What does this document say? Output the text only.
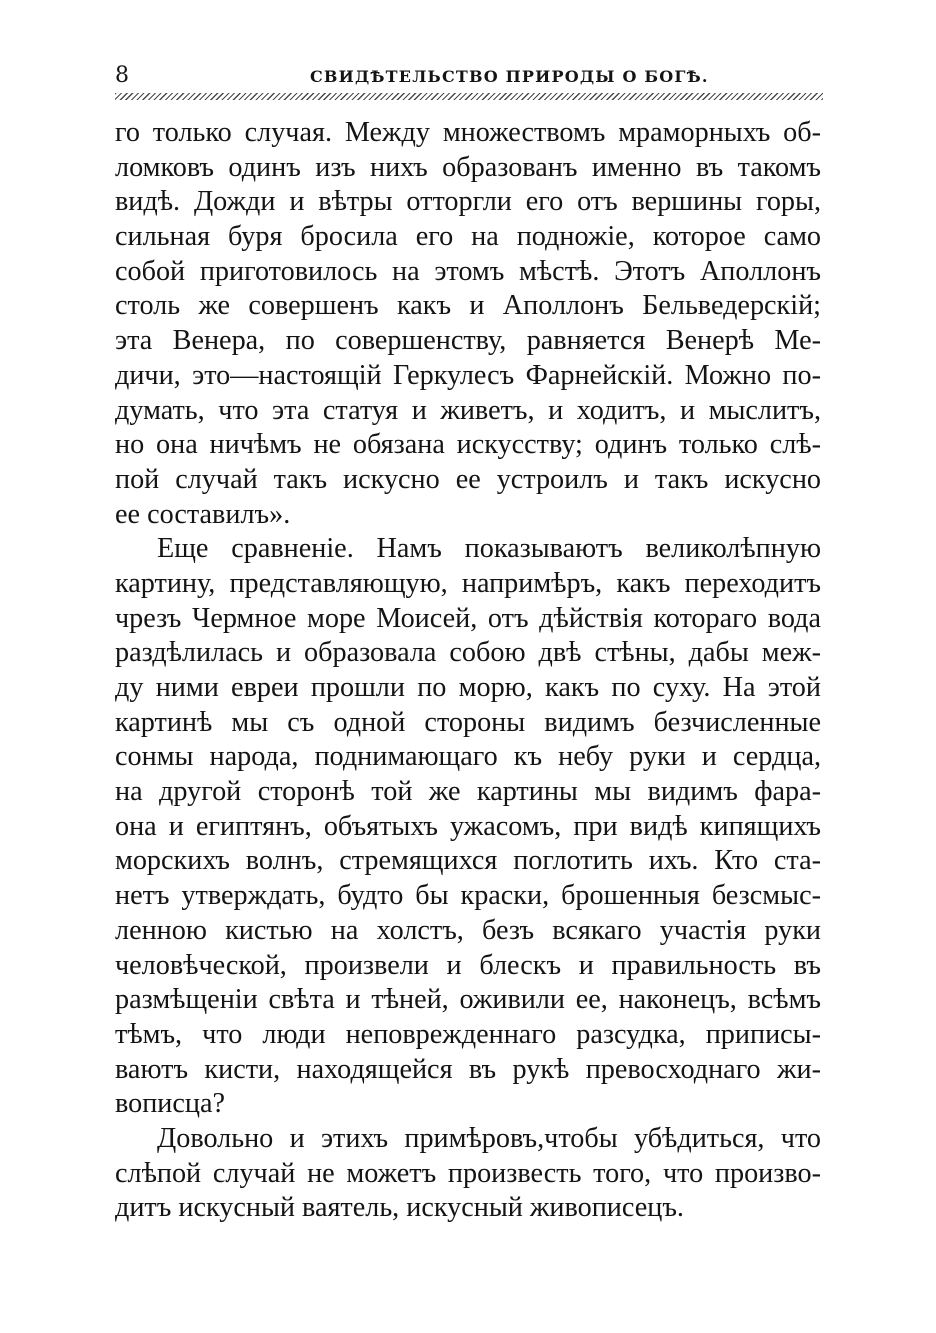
8	СВИДѢТЕЛЬСТВО ПРИРОДЫ О БОГѢ.
го только случая. Между множествомъ мраморныхъ об-
ломковъ одинъ изъ нихъ образованъ именно въ такомъ
видѣ. Дожди и вѣтры отторгли его отъ вершины горы,
сильная буря бросила его на подножіе, которое само
собой приготовилось на этомъ мѣстѣ. Этотъ Аполлонъ
столь же совершенъ какъ и Аполлонъ Бельведерскій;
эта Венера, по совершенству, равняется Венерѣ Ме-
дичи, это—настоящій Геркулесъ Фарнейскій. Можно по-
думать, что эта статуя и живетъ, и ходитъ, и мыслитъ,
но она ничѣмъ не обязана искусству; одинъ только слѣ-
пой случай такъ искусно ее устроилъ и такъ искусно
ее составилъ».
Еще сравненіе. Намъ показываютъ великолѣпную
картину, представляющую, напримѣръ, какъ переходитъ
чрезъ Чермное море Моисей, отъ дѣйствія котораго вода
раздѣлилась и образовала собою двѣ стѣны, дабы меж-
ду ними евреи прошли по морю, какъ по суху. На этой
картинѣ мы съ одной стороны видимъ безчисленные
сонмы народа, поднимающаго къ небу руки и сердца,
на другой сторонѣ той же картины мы видимъ фара-
она и египтянъ, объятыхъ ужасомъ, при видѣ кипящихъ
морскихъ волнъ, стремящихся поглотить ихъ. Кто ста-
нетъ утверждать, будто бы краски, брошенныя безсмыс-
ленною кистью на холстъ, безъ всякаго участія руки
человѣческой, произвели и блескъ и правильность въ
размѣщеніи свѣта и тѣней, оживили ее, наконецъ, всѣмъ
тѣмъ, что люди неповрежденнаго разсудка, приписы-
ваютъ кисти, находящейся въ рукѣ превосходнаго жи-
вописца?
Довольно и этихъ примѣровъ,чтобы убѣдиться, что
слѣпой случай не можетъ произвесть того, что произво-
дитъ искусный ваятель, искусный живописецъ.
